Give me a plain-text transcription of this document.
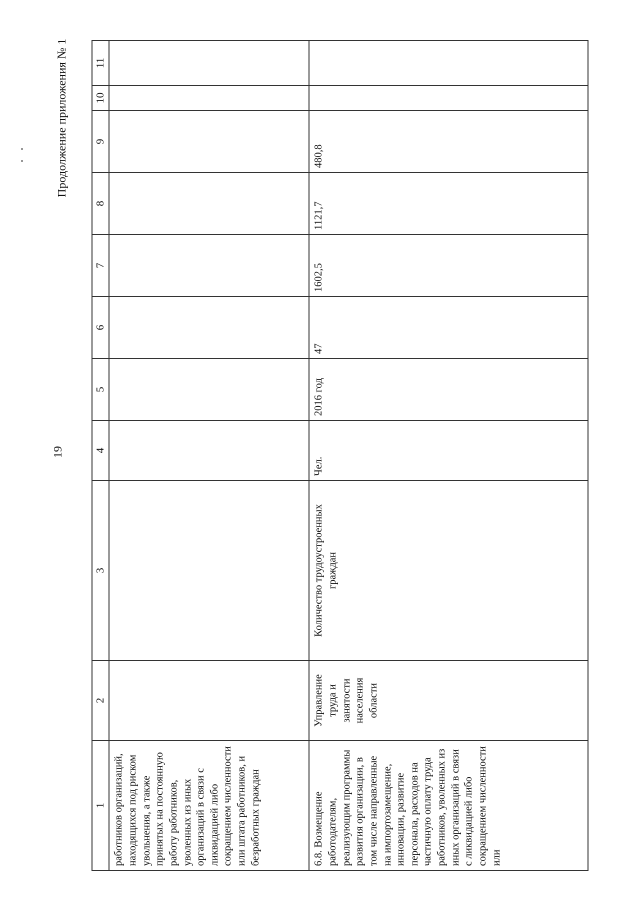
19
Продолжение приложения № 1
1	2	3	4	5	6	7	8	9	10	11
работников организаций, находящихся под риском увольнения, а также принятых на постоянную работу работников, уволенных из иных организаций в связи с ликвидацией либо сокращением численности или штата работников, и безработных граждан										
6.8. Возмещение работодателям, реализующим программы развития организации, в том числе направленные на импортозамещение, инновации, развитие персонала, расходов на частичную оплату труда работников, уволенных из иных организаций в связи с ликвидацией либо сокращением численности или	Управление труда и занятости населения области	Количество трудоустроенных граждан	Чел.	2016 год	47	1602,5	1121,7	480,8		
